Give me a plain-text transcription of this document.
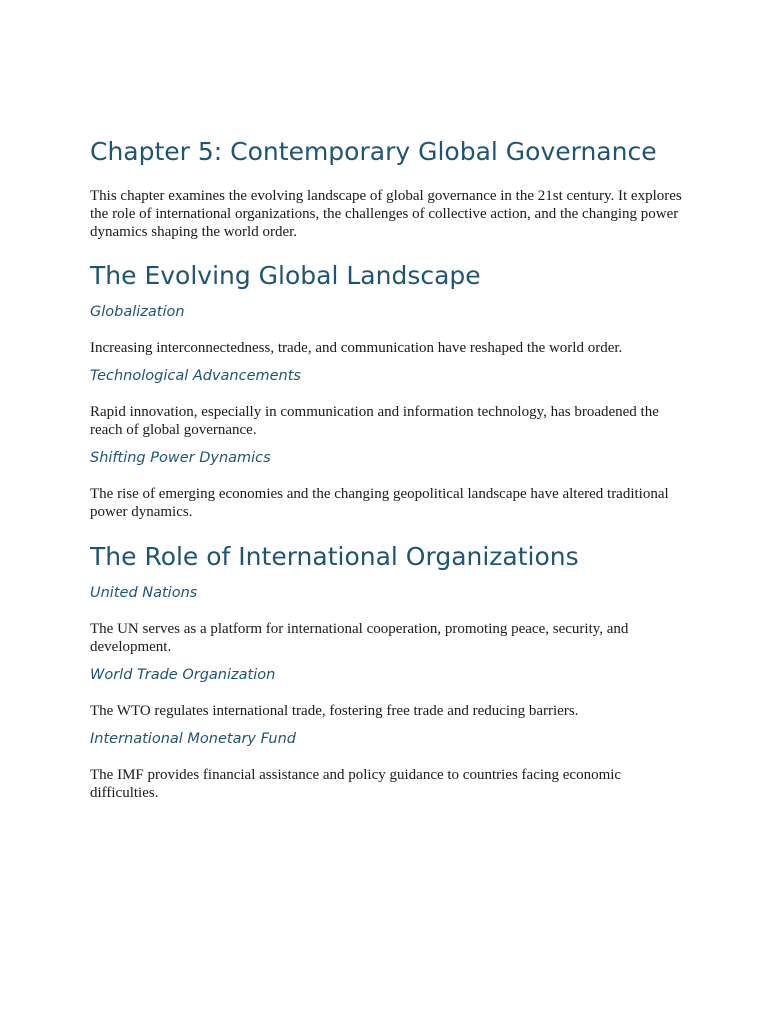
Chapter 5: Contemporary Global Governance

This chapter examines the evolving landscape of global governance in the 21st century. It explores the role of international organizations, the challenges of collective action, and the changing power dynamics shaping the world order.

The Evolving Global Landscape
Globalization

Increasing interconnectedness, trade, and communication have reshaped the world order.

Technological Advancements

Rapid innovation, especially in communication and information technology, has broadened the reach of global governance.

Shifting Power Dynamics

The rise of emerging economies and the changing geopolitical landscape have altered traditional power dynamics.

The Role of International Organizations
United Nations

The UN serves as a platform for international cooperation, promoting peace, security, and development.

World Trade Organization

The WTO regulates international trade, fostering free trade and reducing barriers.

International Monetary Fund

The IMF provides financial assistance and policy guidance to countries facing economic difficulties.
